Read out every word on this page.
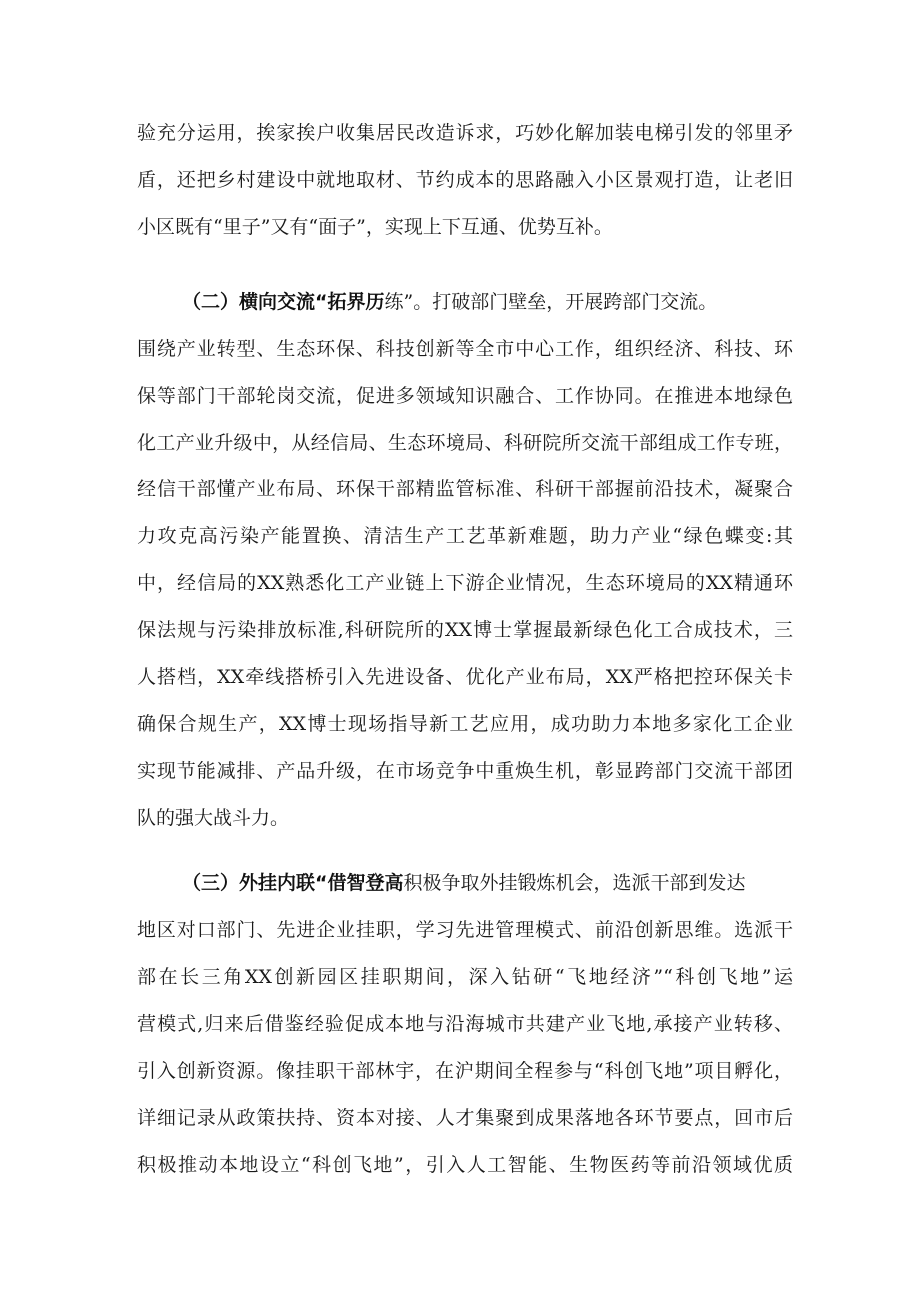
验充分运用，挨家挨户收集居民改造诉求，巧妙化解加装电梯引发的邻里矛
盾，还把乡村建设中就地取材、节约成本的思路融入小区景观打造，让老旧
小区既有“里子”又有“面子”，实现上下互通、优势互补。
（二）横向交流“拓界历练”。打破部门壁垒，开展跨部门交流。
围绕产业转型、生态环保、科技创新等全市中心工作，组织经济、科技、环
保等部门干部轮岗交流，促进多领域知识融合、工作协同。在推进本地绿色
化工产业升级中，从经信局、生态环境局、科研院所交流干部组成工作专班，
经信干部懂产业布局、环保干部精监管标准、科研干部握前沿技术，凝聚合
力攻克高污染产能置换、清洁生产工艺革新难题，助力产业“绿色蝶变:其
中，经信局的XX熟悉化工产业链上下游企业情况，生态环境局的XX精通环
保法规与污染排放标准,科研院所的XX博士掌握最新绿色化工合成技术，三
人搭档，XX牵线搭桥引入先进设备、优化产业布局，XX严格把控环保关卡
确保合规生产，XX博士现场指导新工艺应用，成功助力本地多家化工企业
实现节能减排、产品升级，在市场竞争中重焕生机，彰显跨部门交流干部团
队的强大战斗力。
（三）外挂内联“借智登高积极争取外挂锻炼机会，选派干部到发达
地区对口部门、先进企业挂职，学习先进管理模式、前沿创新思维。选派干
部在长三角XX创新园区挂职期间，深入钻研“飞地经济”“科创飞地”运
营模式,归来后借鉴经验促成本地与沿海城市共建产业飞地,承接产业转移、
引入创新资源。像挂职干部林宇，在沪期间全程参与“科创飞地”项目孵化，
详细记录从政策扶持、资本对接、人才集聚到成果落地各环节要点，回市后
积极推动本地设立“科创飞地”，引入人工智能、生物医药等前沿领域优质
